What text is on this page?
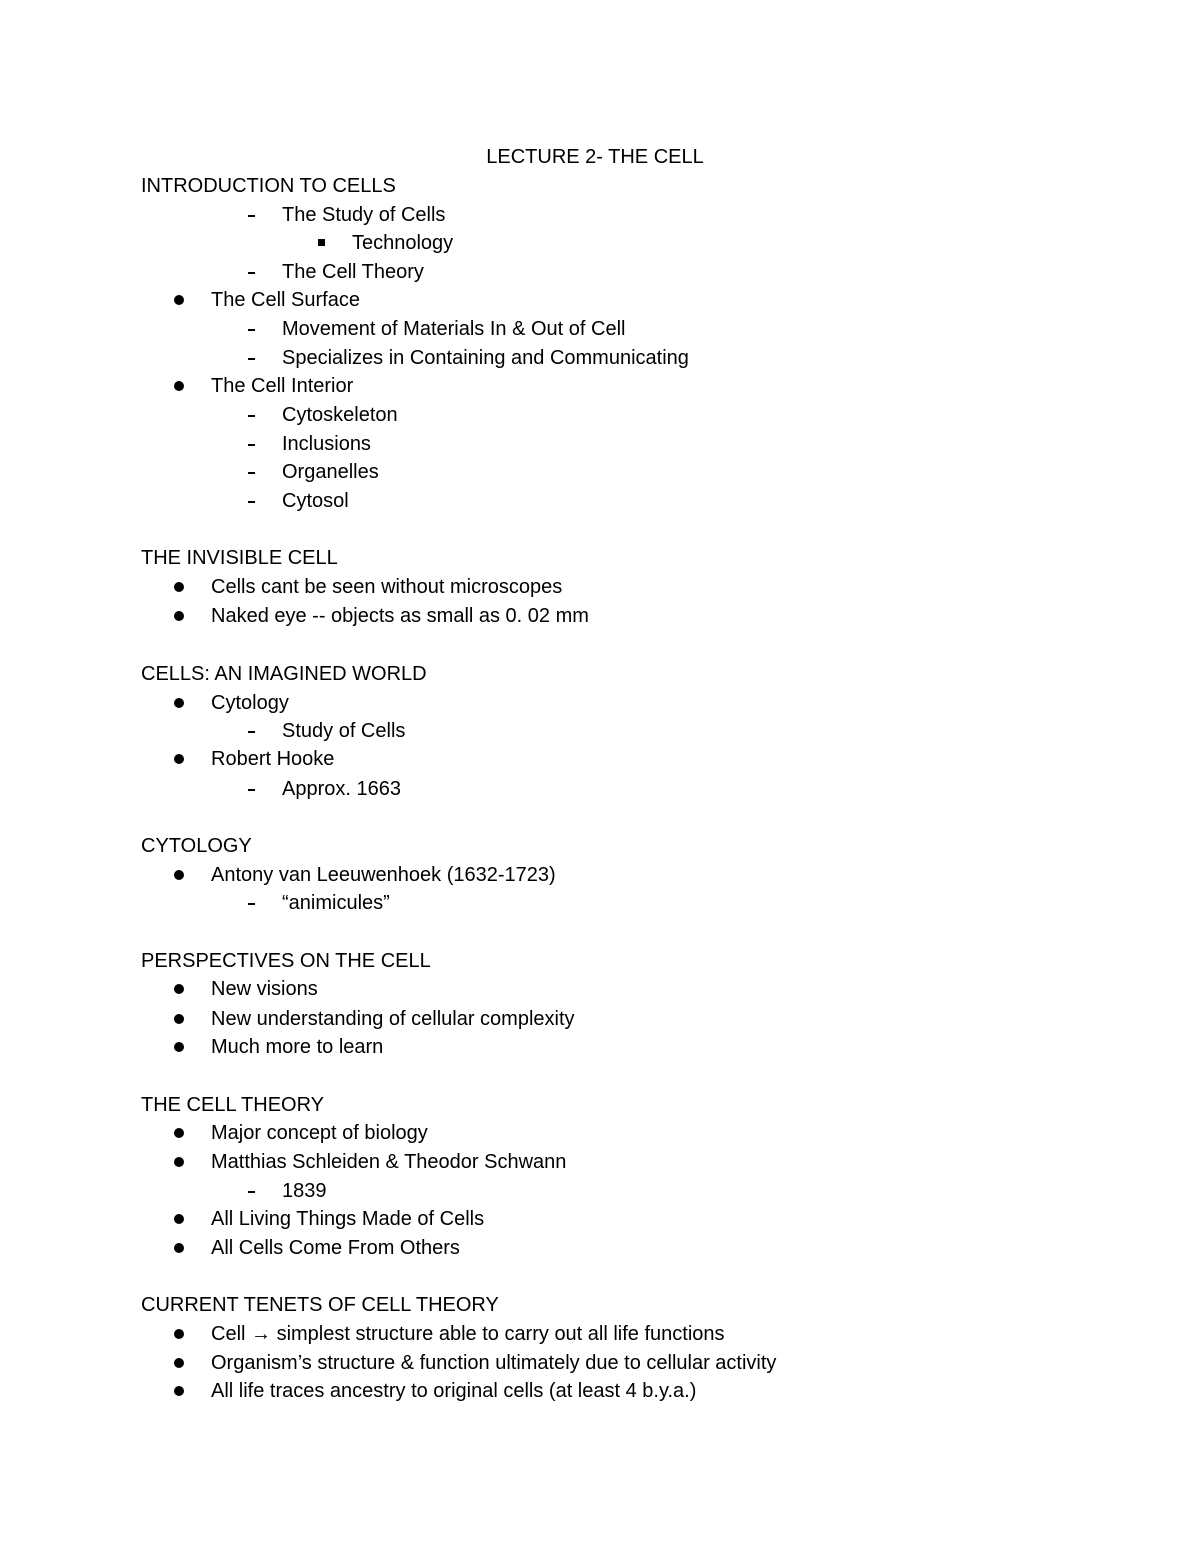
LECTURE 2- THE CELL
INTRODUCTION TO CELLS
The Study of Cells
Technology
The Cell Theory
The Cell Surface
Movement of Materials In & Out of Cell
Specializes in Containing and Communicating
The Cell Interior
Cytoskeleton
Inclusions
Organelles
Cytosol
THE INVISIBLE CELL
Cells cant be seen without microscopes
Naked eye -- objects as small as 0. 02 mm
CELLS: AN IMAGINED WORLD
Cytology
Study of Cells
Robert Hooke
Approx. 1663
CYTOLOGY
Antony van Leeuwenhoek (1632-1723)
“animicules”
PERSPECTIVES ON THE CELL
New visions
New understanding of cellular complexity
Much more to learn
THE CELL THEORY
Major concept of biology
Matthias Schleiden & Theodor Schwann
1839
All Living Things Made of Cells
All Cells Come From Others
CURRENT TENETS OF CELL THEORY
Cell → simplest structure able to carry out all life functions
Organism’s structure & function ultimately due to cellular activity
All life traces ancestry to original cells (at least 4 b.y.a.)
